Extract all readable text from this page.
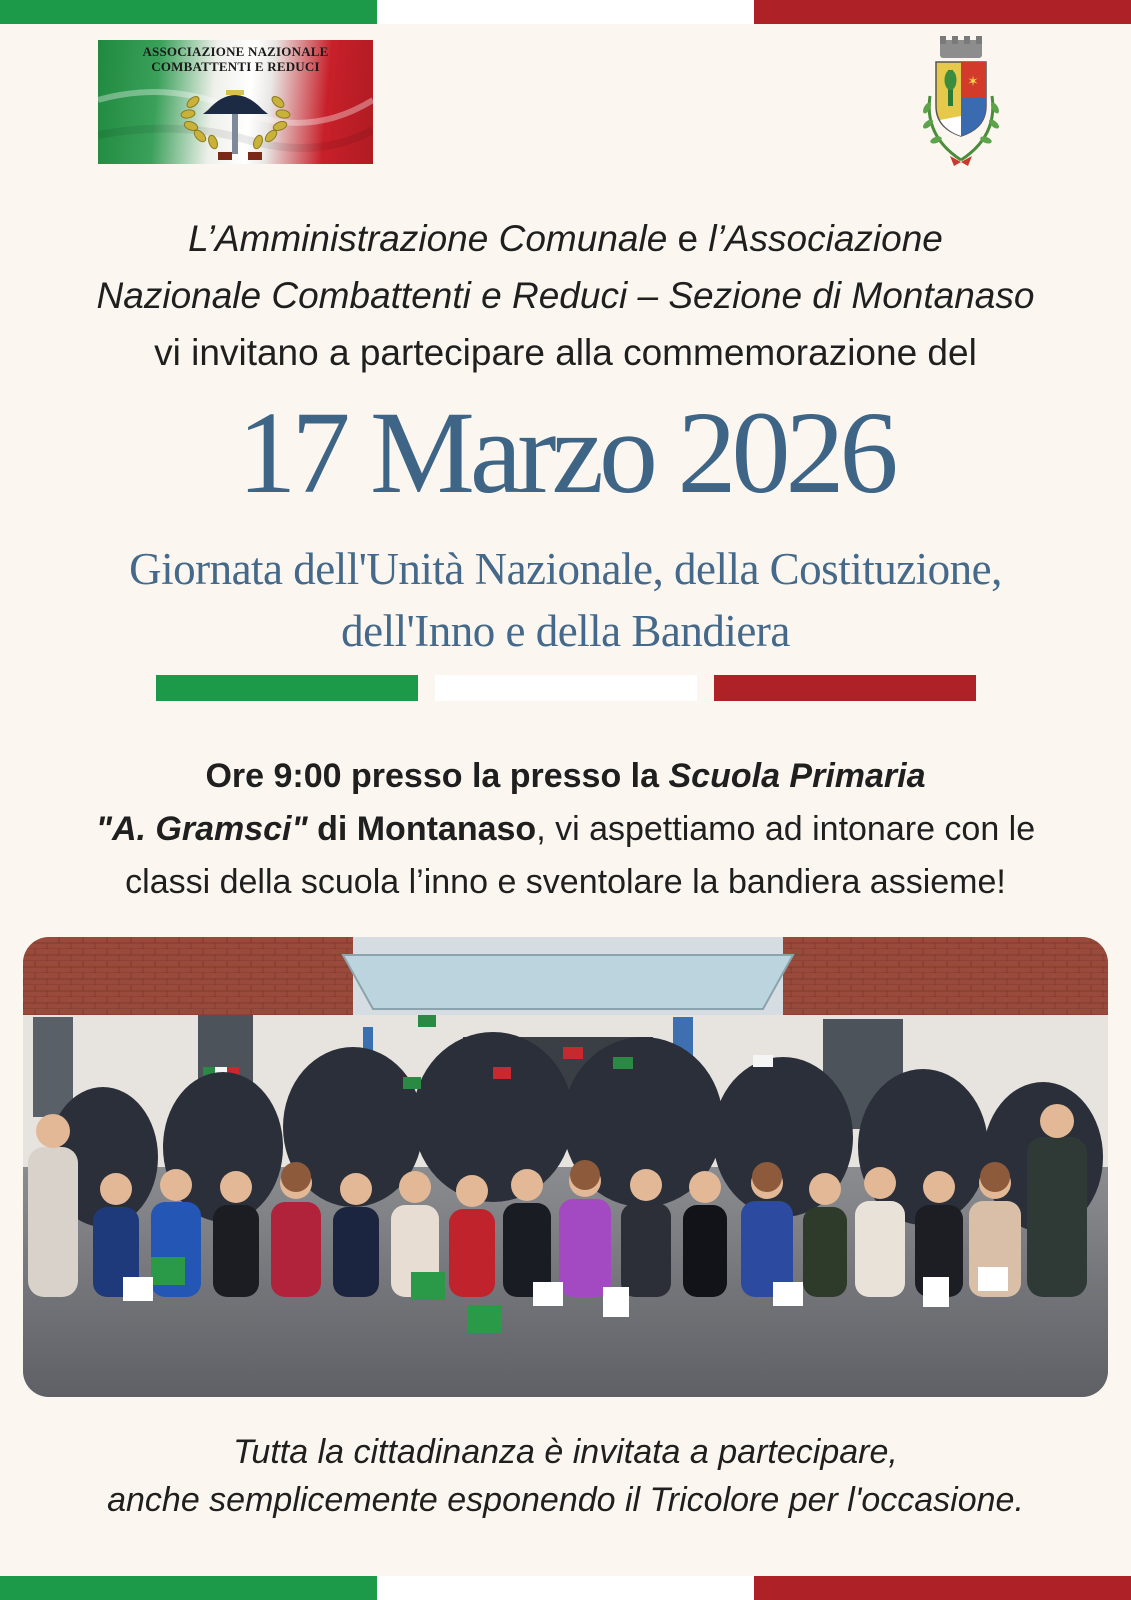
ASSOCIAZIONE NAZIONALE
COMBATTENTI E REDUCI
✶
L’Amministrazione Comunale e l’Associazione
Nazionale Combattenti e Reduci – Sezione di Montanaso
vi invitano a partecipare alla commemorazione del
17 Marzo 2026
Giornata dell'Unità Nazionale, della Costituzione,
dell'Inno e della Bandiera
Ore 9:00 presso la presso la Scuola Primaria
"A. Gramsci" di Montanaso, vi aspettiamo ad intonare con le
classi della scuola l’inno e sventolare la bandiera assieme!
Tutta la cittadinanza è invitata a partecipare,
anche semplicemente esponendo il Tricolore per l'occasione.
